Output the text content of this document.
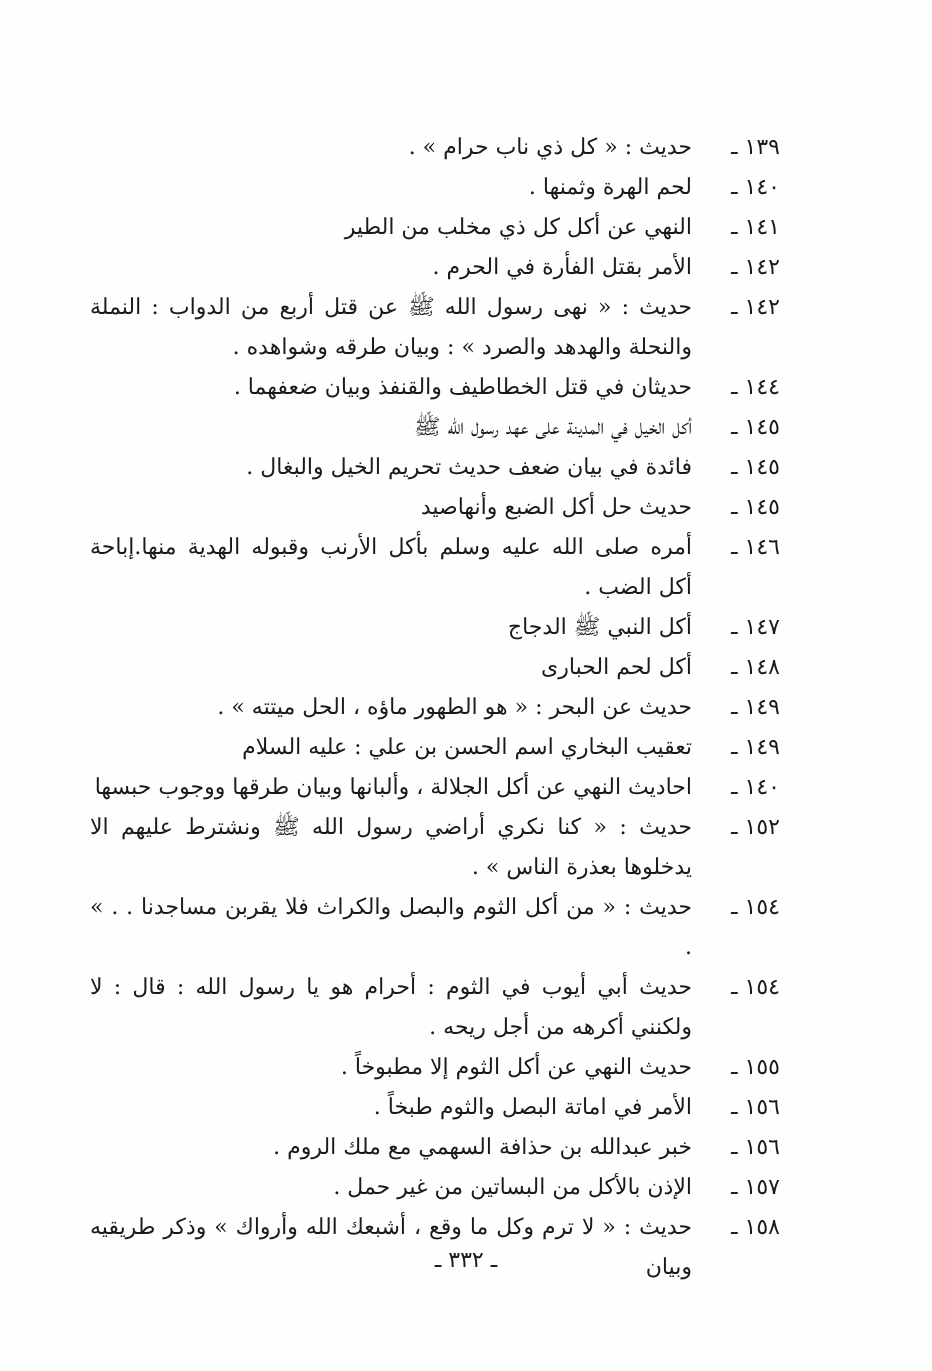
١٣٩ ـ
حديث : « كل ذي ناب حرام » .
١٤٠ ـ
لحم الهرة وثمنها .
١٤١ ـ
النهي عن أكل كل ذي مخلب من الطير
١٤٢ ـ
الأمر بقتل الفأرة في الحرم .
١٤٢ ـ
حديث : « نهى رسول الله ﷺ عن قتل أربع من الدواب : النملة والنحلة والهدهد والصرد » : وبيان طرقه وشواهده .
١٤٤ ـ
حديثان في قتل الخطاطيف والقنفذ وبيان ضعفهما .
١٤٥ ـ
أكل الخيل في المدينة على عهد رسول الله ﷺ
١٤٥ ـ
فائدة في بيان ضعف حديث تحريم الخيل والبغال .
١٤٥ ـ
حديث حل أكل الضبع وأنهاصيد
١٤٦ ـ
أمره صلى الله عليه وسلم بأكل الأرنب وقبوله الهدية منها.إباحة أكل الضب .
١٤٧ ـ
أكل النبي ﷺ الدجاج
١٤٨ ـ
أكل لحم الحبارى
١٤٩ ـ
حديث عن البحر : « هو الطهور ماؤه ، الحل ميتته » .
١٤٩ ـ
تعقيب البخاري اسم الحسن بن علي : عليه السلام
١٤٠ ـ
احاديث النهي عن أكل الجلالة ، وألبانها وبيان طرقها ووجوب حبسها
١٥٢ ـ
حديث : « كنا نكري أراضي رسول الله ﷺ ونشترط عليهم الا يدخلوها بعذرة الناس » .
١٥٤ ـ
حديث : « من أكل الثوم والبصل والكراث فلا يقربن مساجدنا . . » .
١٥٤ ـ
حديث أبي أيوب في الثوم : أحرام هو يا رسول الله : قال : لا ولكنني أكرهه من أجل ريحه .
١٥٥ ـ
حديث النهي عن أكل الثوم إلا مطبوخاً .
١٥٦ ـ
الأمر في اماتة البصل والثوم طبخاً .
١٥٦ ـ
خبر عبدالله بن حذافة السهمي مع ملك الروم .
١٥٧ ـ
الإذن بالأكل من البساتين من غير حمل .
١٥٨ ـ
حديث : « لا ترم وكل ما وقع ، أشبعك الله وأرواك » وذكر طريقيه وبيان
ـ ٣٣٢ ـ
